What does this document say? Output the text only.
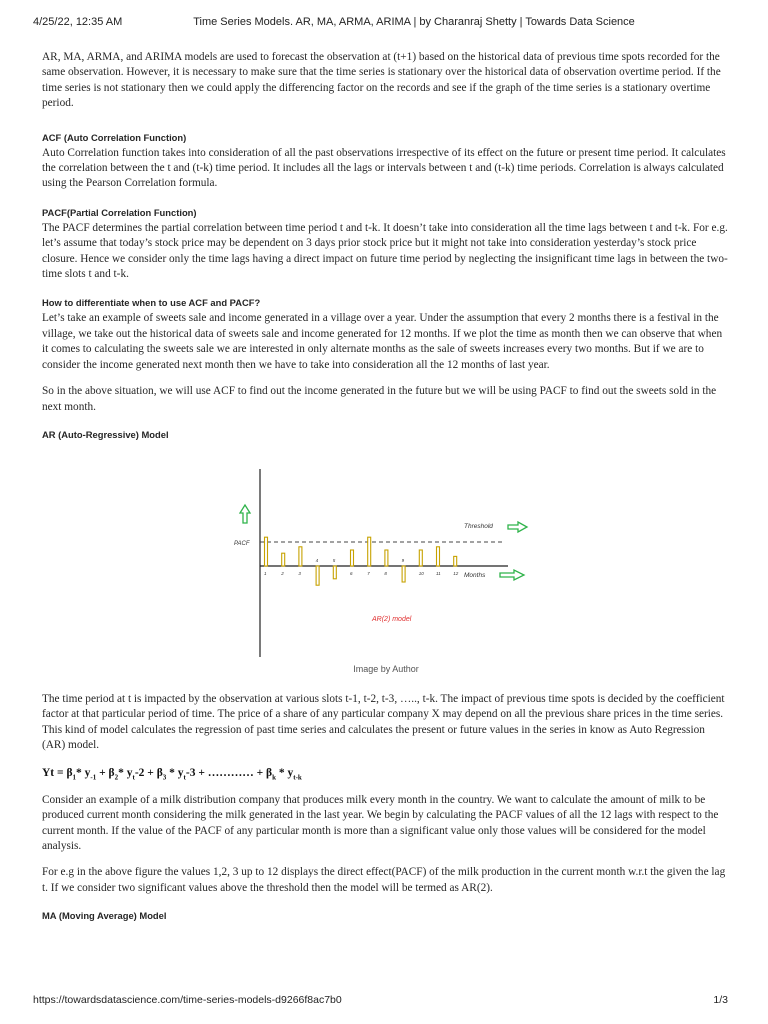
4/25/22, 12:35 AM	Time Series Models. AR, MA, ARMA, ARIMA | by Charanraj Shetty | Towards Data Science

AR, MA, ARMA, and ARIMA models are used to forecast the observation at (t+1) based on the historical data of previous time spots recorded for the same observation. However, it is necessary to make sure that the time series is stationary over the historical data of observation overtime period. If the time series is not stationary then we could apply the differencing factor on the records and see if the graph of the time series is a stationary overtime period.

ACF (Auto Correlation Function)

Auto Correlation function takes into consideration of all the past observations irrespective of its effect on the future or present time period. It calculates the correlation between the t and (t-k) time period. It includes all the lags or intervals between t and (t-k) time periods. Correlation is always calculated using the Pearson Correlation formula.

PACF(Partial Correlation Function)

The PACF determines the partial correlation between time period t and t-k. It doesn’t take into consideration all the time lags between t and t-k. For e.g. let’s assume that today’s stock price may be dependent on 3 days prior stock price but it might not take into consideration yesterday’s stock price closure. Hence we consider only the time lags having a direct impact on future time period by neglecting the insignificant time lags in between the two-time slots t and t-k.

How to differentiate when to use ACF and PACF?

Let’s take an example of sweets sale and income generated in a village over a year. Under the assumption that every 2 months there is a festival in the village, we take out the historical data of sweets sale and income generated for 12 months. If we plot the time as month then we can observe that when it comes to calculating the sweets sale we are interested in only alternate months as the sale of sweets increases every two months. But if we are to consider the income generated next month then we have to take into consideration all the 12 months of last year.

So in the above situation, we will use ACF to find out the income generated in the future but we will be using PACF to find out the sweets sold in the next month.

AR (Auto-Regressive) Model
PACF
Threshold
Months
AR(2) model
1	2	3
4	5
6	7	8
9
10	11	12
Image by Author

The time period at t is impacted by the observation at various slots t-1, t-2, t-3, ….., t-k. The impact of previous time spots is decided by the coefficient factor at that particular period of time. The price of a share of any particular company X may depend on all the previous share prices in the time series. This kind of model calculates the regression of past time series and calculates the present or future values in the series in know as Auto Regression (AR) model.

$Yt = \beta_1*$ $y_{-1} + \beta_2*$ $y_t-2 + \beta_3 * y_t-3$ + ………… + $\beta_k * y_{t-k}$

Consider an example of a milk distribution company that produces milk every month in the country. We want to calculate the amount of milk to be produced current month considering the milk generated in the last year. We begin by calculating the PACF values of all the 12 lags with respect to the current month. If the value of the PACF of any particular month is more than a significant value only those values will be considered for the model analysis.

For e.g in the above figure the values 1,2, 3 up to 12 displays the direct effect(PACF) of the milk production in the current month w.r.t the given the lag t. If we consider two significant values above the threshold then the model will be termed as AR(2).

MA (Moving Average) Model
https://towardsdatascience.com/time-series-models-d9266f8ac7b0	1/3
